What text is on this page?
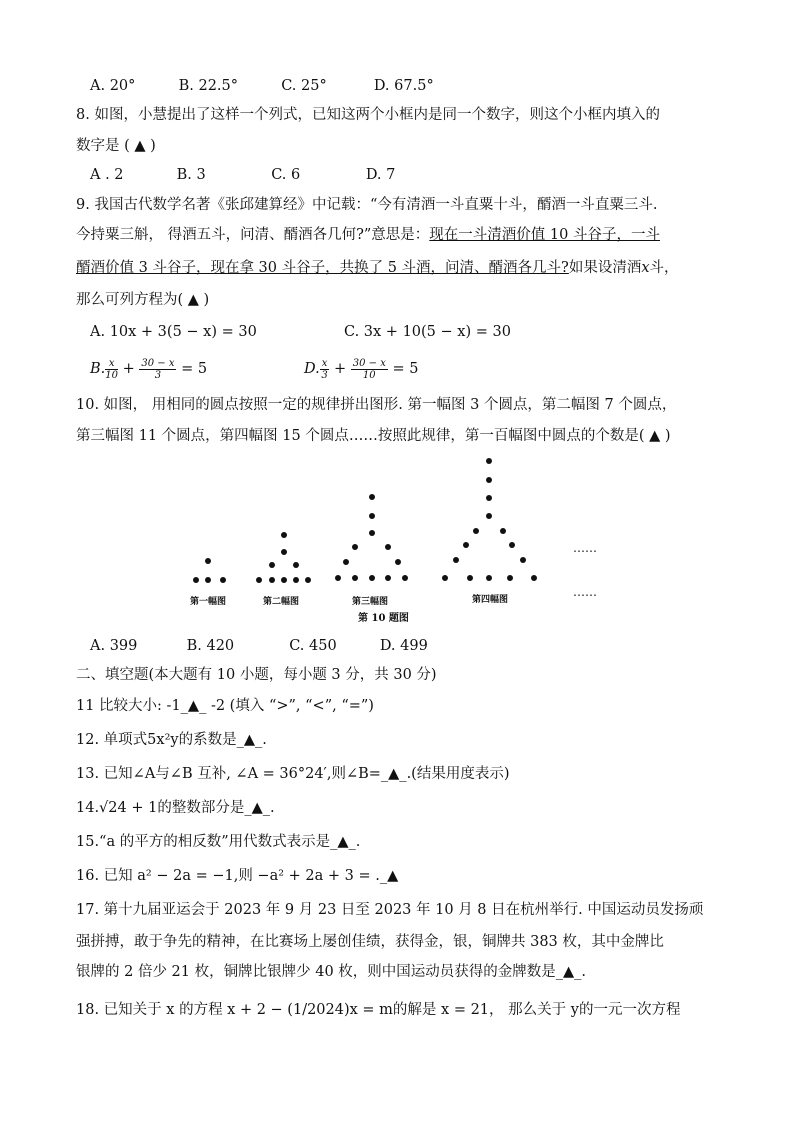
A. 20°	B. 22.5°	C. 25°	D. 67.5°
8. 如图，小慧提出了这样一个列式，已知这两个小框内是同一个数字，则这个小框内填入的
数字是 ( ▲ )
A . 2	B. 3	C. 6	D. 7
9. 我国古代数学名著《张邱建算经》中记载：“今有清酒一斗直粟十斗，醑酒一斗直粟三斗.
今持粟三斛， 得酒五斗，问清、醑酒各几何?”意思是：现在一斗清酒价值 10 斗谷子，一斗
醑酒价值 3 斗谷子，现在拿 30 斗谷子，共换了 5 斗酒，问清、醑酒各几斗?如果设清酒x斗，
那么可列方程为( ▲ )
A. 10x + 3(5 − x) = 30	C. 3x + 10(5 − x) = 30
B. $\frac{x}{10} + \frac{30 - x}{3} = 5$	D. $\frac{x}{3} + \frac{30 - x}{10} = 5$
10. 如图， 用相同的圆点按照一定的规律拼出图形. 第一幅图 3 个圆点，第二幅图 7 个圆点，
第三幅图 11 个圆点，第四幅图 15 个圆点……按照此规律，第一百幅图中圆点的个数是( ▲ )
……
……
第一幅图	第二幅图	第三幅图	第四幅图
第 10 题图
A. 399	B. 420	C. 450	D. 499
二、填空题(本大题有 10 小题，每小题 3 分，共 30 分)
11 比较大小: -1_▲_ -2 (填入 “>”, “<”, “=”)
12. 单项式5x²y的系数是_▲_.
13. 已知∠A与∠B 互补, ∠A = 36°24′,则∠B=_▲_.(结果用度表示)
14.√24 + 1的整数部分是_▲_.
15.“a 的平方的相反数”用代数式表示是_▲_.
16. 已知 a² − 2a = −1,则 −a² + 2a + 3 = ._▲
17. 第十九届亚运会于 2023 年 9 月 23 日至 2023 年 10 月 8 日在杭州举行. 中国运动员发扬顽
强拼搏，敢于争先的精神，在比赛场上屡创佳绩，获得金，银，铜牌共 383 枚，其中金牌比
银牌的 2 倍少 21 枚，铜牌比银牌少 40 枚，则中国运动员获得的金牌数是_▲_.
18. 已知关于 x 的方程 x + 2 − (1/2024)x = m的解是 x = 21， 那么关于 y的一元一次方程
